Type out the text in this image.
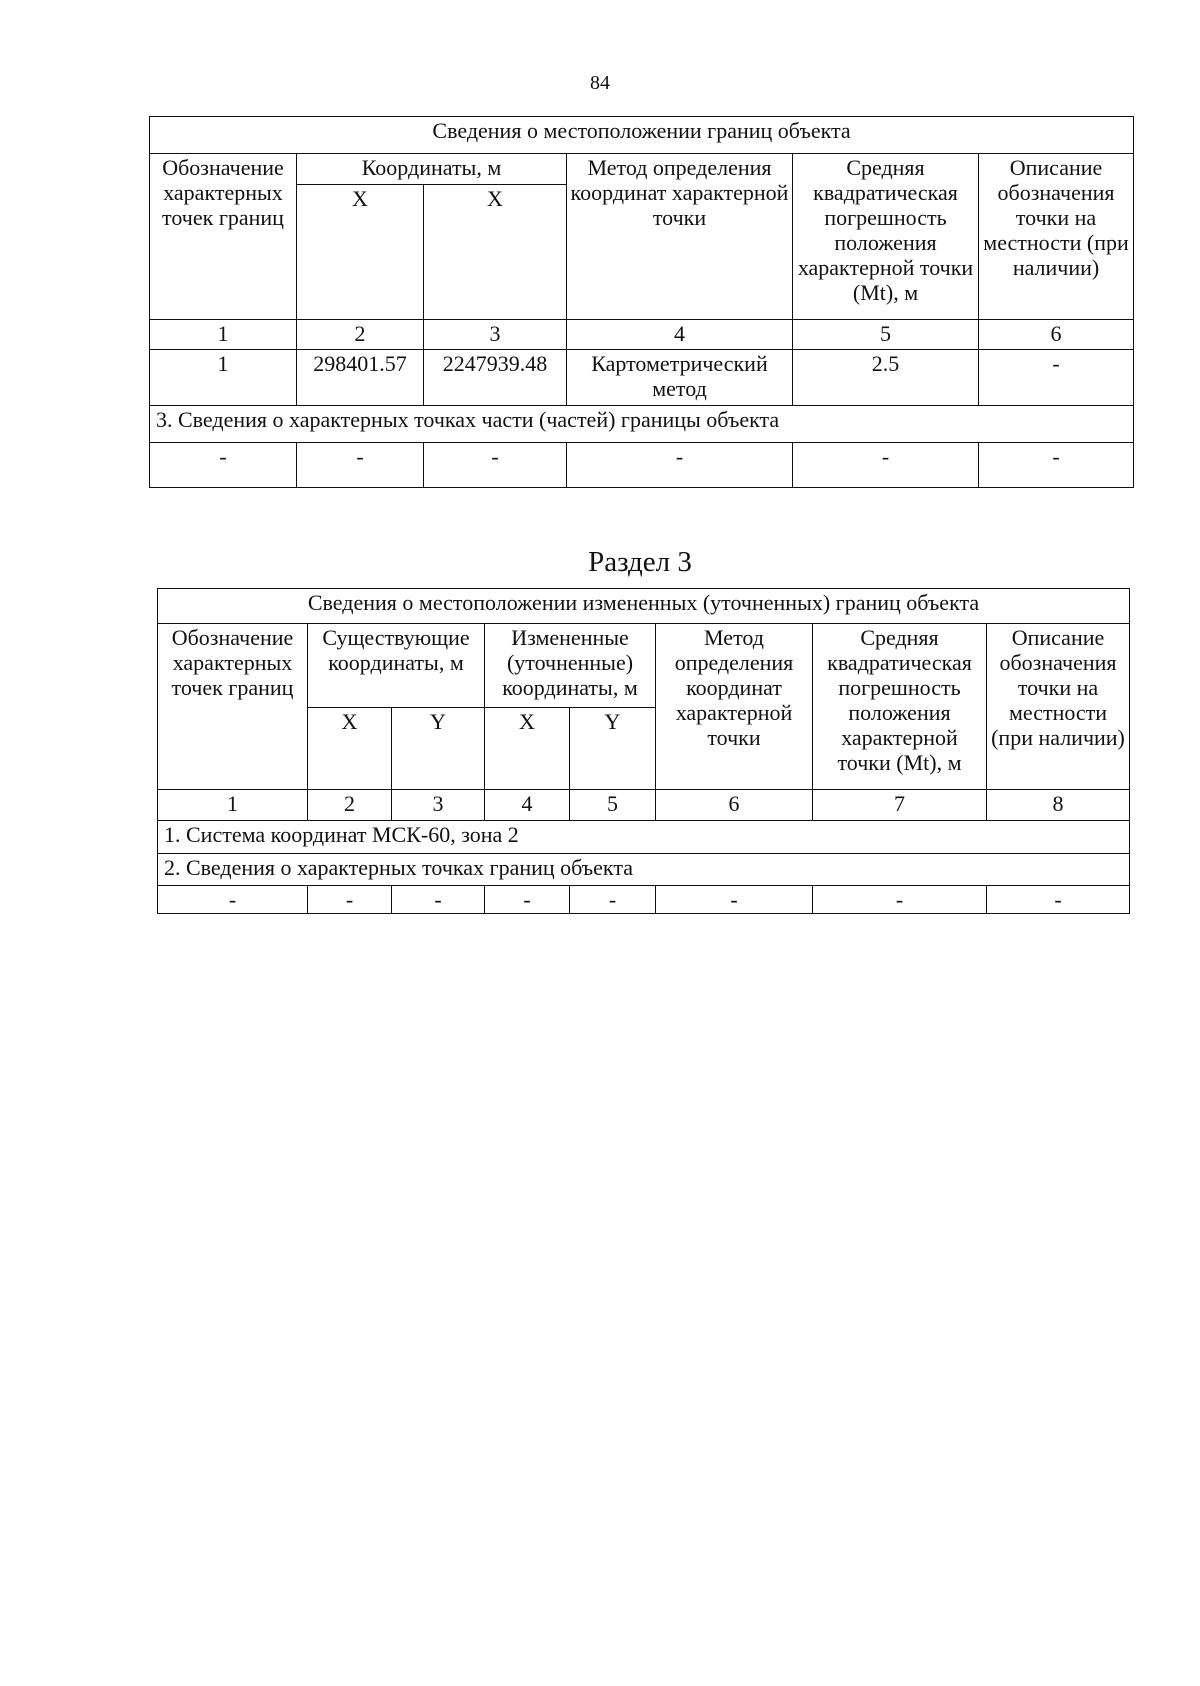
84
Сведения о местоположении границ объекта					
Обозначение характерных точек границ	Координаты, м		Метод определения координат характерной точки	Средняя квадратическая погрешность положения характерной точки (Mt), м	Описание обозначения точки на местности (при наличии)
	X	X			
1	2	3	4	5	6
1	298401.57	2247939.48	Картометрический метод	2.5	-
3. Сведения о характерных точках части (частей) границы объекта					
-	-	-	-	-	-
Раздел 3
Сведения о местоположении измененных (уточненных) границ объекта							
Обозначение характерных точек границ	Существующие координаты, м		Измененные (уточненные) координаты, м		Метод определения координат характерной точки	Средняя квадратическая погрешность положения характерной точки (Mt), м	Описание обозначения точки на местности (при наличии)
	X	Y	X	Y			
1	2	3	4	5	6	7	8
1. Система координат МСК-60, зона 2							
2. Сведения о характерных точках границ объекта							
-	-	-	-	-	-	-	-
